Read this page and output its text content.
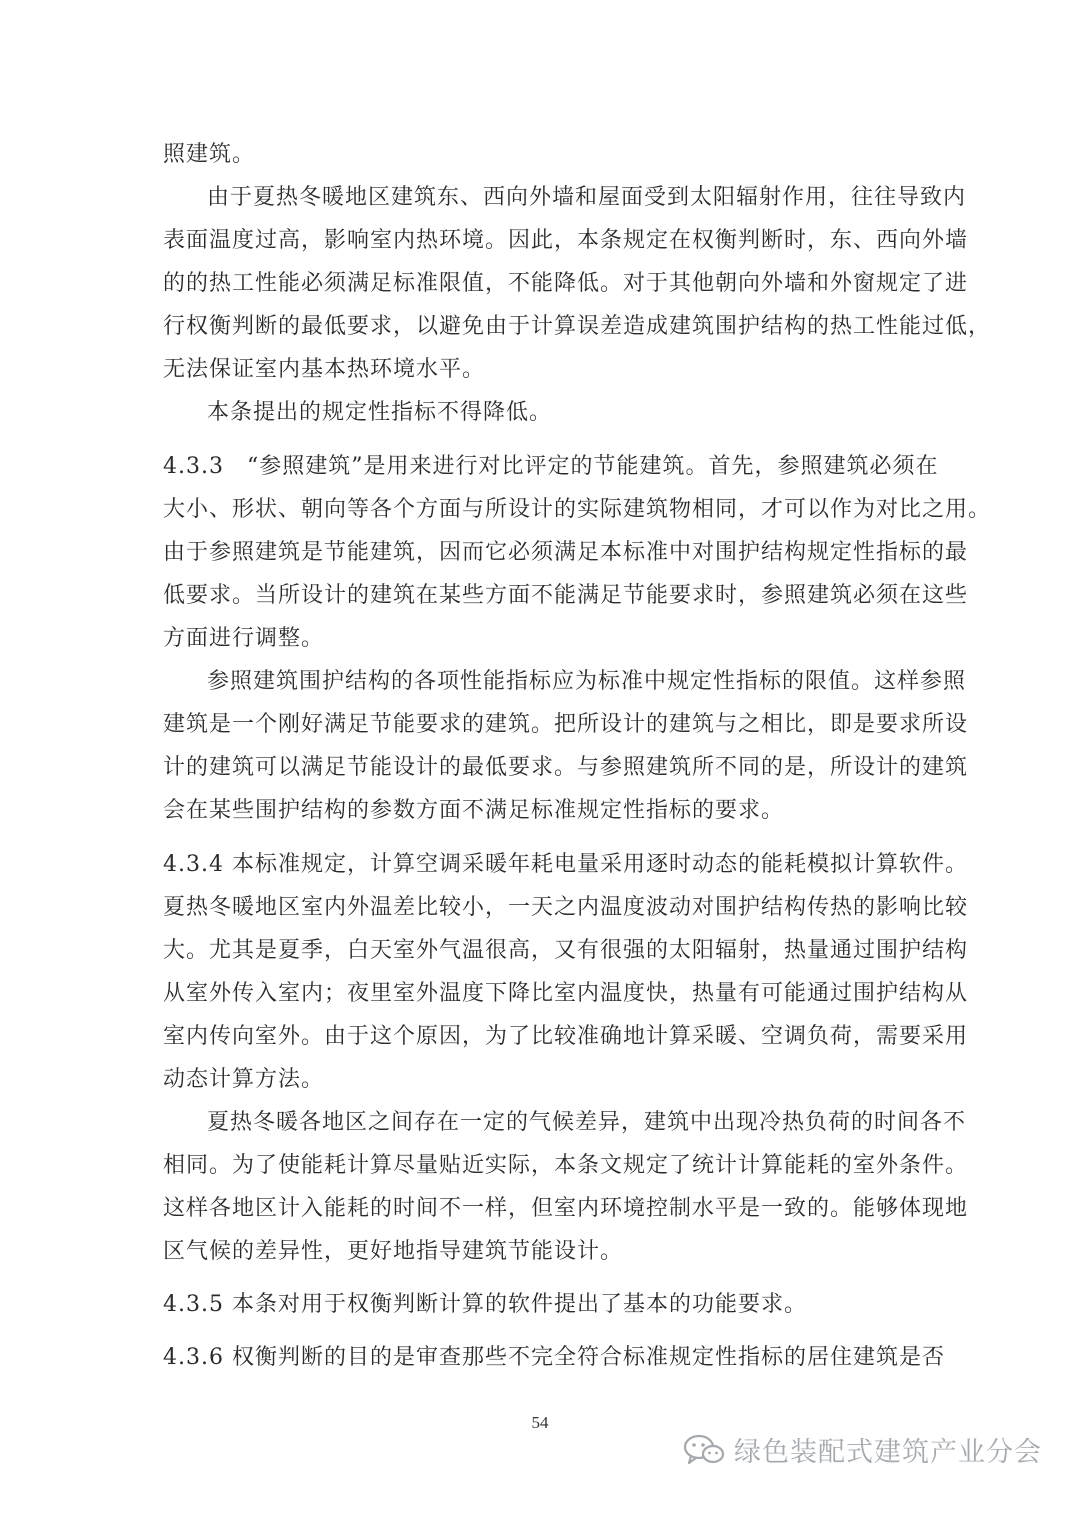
照建筑。
由于夏热冬暖地区建筑东、西向外墙和屋面受到太阳辐射作用，往往导致内
表面温度过高，影响室内热环境。因此，本条规定在权衡判断时，东、西向外墙
的的热工性能必须满足标准限值，不能降低。对于其他朝向外墙和外窗规定了进
行权衡判断的最低要求，以避免由于计算误差造成建筑围护结构的热工性能过低，
无法保证室内基本热环境水平。
本条提出的规定性指标不得降低。
4.3.3　“参照建筑”是用来进行对比评定的节能建筑。首先，参照建筑必须在
大小、形状、朝向等各个方面与所设计的实际建筑物相同，才可以作为对比之用。
由于参照建筑是节能建筑，因而它必须满足本标准中对围护结构规定性指标的最
低要求。当所设计的建筑在某些方面不能满足节能要求时，参照建筑必须在这些
方面进行调整。
参照建筑围护结构的各项性能指标应为标准中规定性指标的限值。这样参照
建筑是一个刚好满足节能要求的建筑。把所设计的建筑与之相比，即是要求所设
计的建筑可以满足节能设计的最低要求。与参照建筑所不同的是，所设计的建筑
会在某些围护结构的参数方面不满足标准规定性指标的要求。
4.3.4 本标准规定，计算空调采暖年耗电量采用逐时动态的能耗模拟计算软件。
夏热冬暖地区室内外温差比较小，一天之内温度波动对围护结构传热的影响比较
大。尤其是夏季，白天室外气温很高，又有很强的太阳辐射，热量通过围护结构
从室外传入室内；夜里室外温度下降比室内温度快，热量有可能通过围护结构从
室内传向室外。由于这个原因，为了比较准确地计算采暖、空调负荷，需要采用
动态计算方法。
夏热冬暖各地区之间存在一定的气候差异，建筑中出现冷热负荷的时间各不
相同。为了使能耗计算尽量贴近实际，本条文规定了统计计算能耗的室外条件。
这样各地区计入能耗的时间不一样，但室内环境控制水平是一致的。能够体现地
区气候的差异性，更好地指导建筑节能设计。
4.3.5 本条对用于权衡判断计算的软件提出了基本的功能要求。
4.3.6 权衡判断的目的是审查那些不完全符合标准规定性指标的居住建筑是否
54
绿色装配式建筑产业分会
